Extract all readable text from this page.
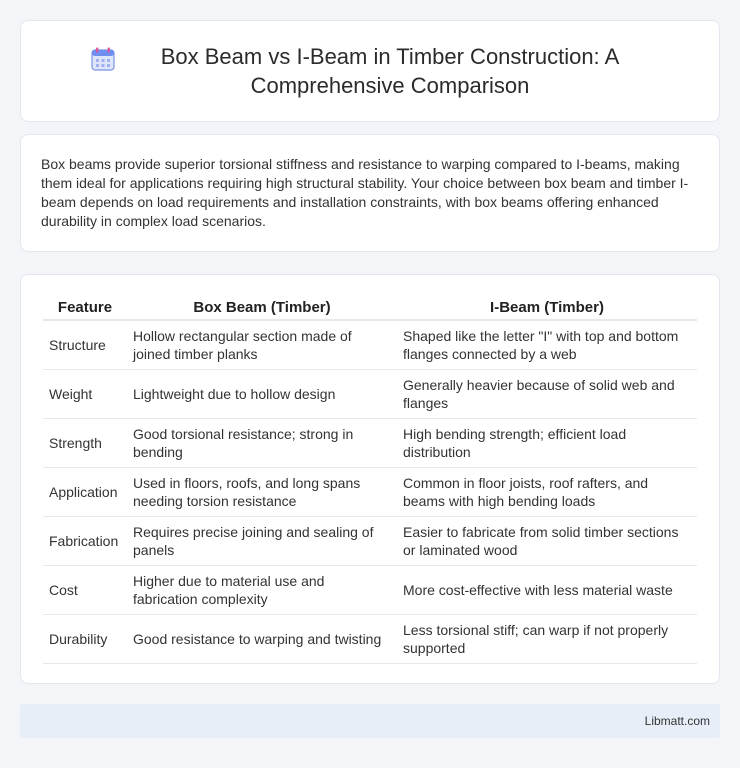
Box Beam vs I-Beam in Timber Construction: A Comprehensive Comparison

Box beams provide superior torsional stiffness and resistance to warping compared to I-beams, making them ideal for applications requiring high structural stability. Your choice between box beam and timber I-beam depends on load requirements and installation constraints, with box beams offering enhanced durability in complex load scenarios.

Feature	Box Beam (Timber)	I-Beam (Timber)
Structure	Hollow rectangular section made of joined timber planks	Shaped like the letter "I" with top and bottom flanges connected by a web
Weight	Lightweight due to hollow design	Generally heavier because of solid web and flanges
Strength	Good torsional resistance; strong in bending	High bending strength; efficient load distribution
Application	Used in floors, roofs, and long spans needing torsion resistance	Common in floor joists, roof rafters, and beams with high bending loads
Fabrication	Requires precise joining and sealing of panels	Easier to fabricate from solid timber sections or laminated wood
Cost	Higher due to material use and fabrication complexity	More cost-effective with less material waste
Durability	Good resistance to warping and twisting	Less torsional stiff; can warp if not properly supported
Libmatt.com
